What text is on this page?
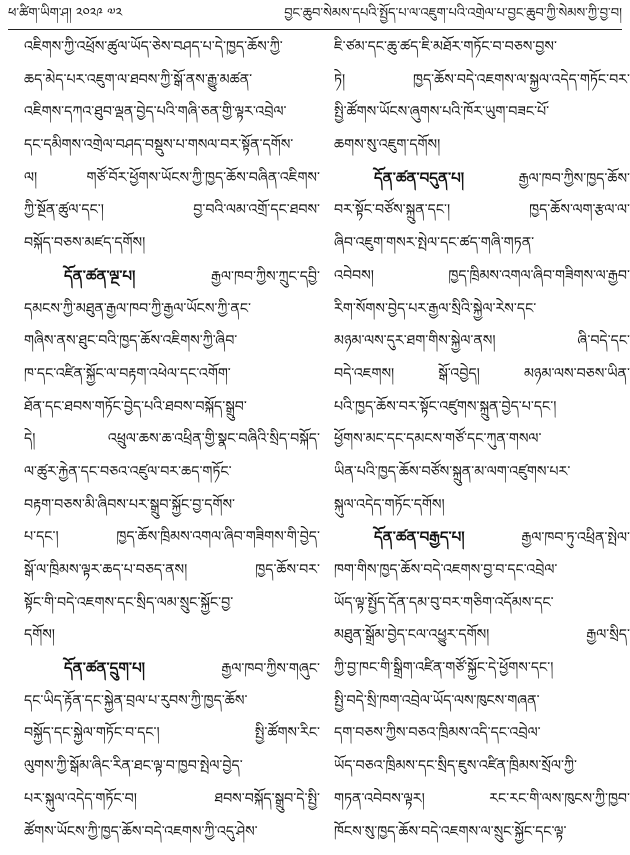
ཕ་ཚིག་ཡིག་ཤ། ༢༠༢༩ ༧༢	བྱང་ཆུབ་སེམས་དཔའི་སྤྱོད་པ་ལ་འཇུག་པའི་འགྲེལ་པ་བྱང་ཆུབ་ཀྱི་སེམས་ཀྱི་བྱ་བ།
འཇིགས་ཀྱི་འཕྲོས་ཚུལ་ཡོད་ཅེས་བཤད་པ་དེ་ཁྱད་ཆོས་ཀྱི་
ཆད་མེད་པར་འཇུག་ལ་ཐབས་ཀྱི་སྒོ་ནས་རྒྱུ་མཚན་
འཇིགས་དཀའ་ཐུབ་ལྡན་བྱེད་པའི་གཞི་ཅན་གྱི་ལྟར་འབྲེལ་
དང་དམིགས་འགྲེལ་བཤད་བསྡུས་པ་གསལ་བར་སྟོན་དགོས་
ལ། གཙོ་བོར་ཕྱོགས་ཡོངས་ཀྱི་ཁྱད་ཆོས་བཞིན་འཇིགས་
ཀྱི་སྔོན་ཚུལ་དང་། བྱ་བའི་ལམ་འགྲོ་དང་ཐབས་
བསྐོད་བཅས་མཛད་དགོས།
དོན་ཚན་ལྔ་པ། རྒྱལ་ཁབ་ཀྱིས་ཀྲུང་དབྱི་
དམངས་ཀྱི་མཐུན་རྒྱལ་ཁབ་ཀྱི་རྒྱལ་ཡོངས་ཀྱི་ནང་
གཞིས་ནས་ཐུང་བའི་ཁྱད་ཆོས་འཇིགས་ཀྱི་ཞིབ་
ཁ་དང་འཛིན་སྐྱོང་ལ་བརྟག་འཕེལ་དང་འགོག་
ཐོན་དང་ཐབས་གཏོང་བྱེད་པའི་ཐབས་བསྐོད་སྒྲུབ་
དེ། འཕྲུལ་ཆས་ཆ་འཕྲིན་གྱི་སྣང་བཞིའི་སྲིད་བསྐོད་
ལ་ཚུར་རྐྱེན་དང་བཅའ་འཛུལ་བར་ཆད་གཏོང་
བརྟག་བཅས་མི་ཞིབས་པར་སྒྲུབ་སྐྱོང་བྱ་དགོས་
པ་དང་། ཁྱད་ཆོས་ཁྲིམས་འགལ་ཞིབ་གཟིགས་གི་བྱེད་
སྒོ་ལ་ཁྲིམས་ལྟར་ཆད་པ་བཅད་ནས། ཁྱད་ཆོས་བར་
སྟོང་གི་བདེ་འཇགས་དང་སྲིད་ལམ་སྲུང་སྐྱོང་བྱ་
དགོས།
དོན་ཚན་དྲུག་པ། རྒྱལ་ཁབ་ཀྱིས་གཞུང་
དང་ཡིད་རྟོན་དང་སྐྱེན་བྲལ་པ་རུབས་ཀྱི་ཁྱད་ཆོས་
བསྐྱོད་དང་སྐྱེལ་གཏོང་བ་དང་། སྤྱི་ཚོགས་རིང་
ལུགས་ཀྱི་སྒོམ་ཞིང་རིན་ཐང་ལྟ་བ་ཁྱབ་སྤེལ་བྱེད་
པར་སྐུལ་འདེད་གཏོང་བ། ཐབས་བསྐོད་སྒྲུབ་དེ་སྤྱི་
ཚོགས་ཡོངས་ཀྱི་ཁྱད་ཆོས་བདེ་འཇགས་ཀྱི་འདུ་ཤེས་
ཇི་ཙམ་དང་ཆུ་ཚད་ཇི་མཐོར་གཏོང་བ་བཅས་བྱས་
ཏེ། ཁྱད་ཆོས་བདེ་འཇགས་ལ་སྐྱལ་འདེད་གཏོང་བར་
སྤྱི་ཚོགས་ཡོངས་ཞུགས་པའི་ཁོར་ཡུག་བཟང་པོ་
ཆགས་སུ་འཇུག་དགོས།
དོན་ཚན་བདུན་པ། རྒྱལ་ཁབ་ཀྱིས་ཁྱད་ཆོས་
བར་སྟོང་བཙོས་སྐྲུན་དང་། ཁྱད་ཆོས་ལག་རྩལ་ལ་
ཞིབ་འཇུག་གསར་སྤེལ་དང་ཚད་གཞི་གཏན་
འབེབས། ཁྱད་ཁྲིམས་འགལ་ཞིབ་གཟིགས་ལ་རྒྱབ་
རིག་སོགས་བྱེད་པར་རྒྱལ་སྲིའི་སྐྱེལ་རེས་དང་
མཉམ་ལས་དུར་ཐག་གིས་སྐྱེལ་ནས། ཞི་བདེ་དང་
བདེ་འཇགས། སྒོ་འབྱེད། མཉམ་ལས་བཅས་ཡིན་
པའི་ཁྱད་ཆོས་བར་སྟོང་འཛུགས་སྐྲུན་བྱེད་པ་དང་།
ཕྱོགས་མང་དང་དམངས་གཙོ་དང་ཀུན་གསལ་
ཡིན་པའི་ཁྱད་ཆོས་བཙོས་སྐྲུན་མ་ལག་འཛུགས་པར་
སྐུལ་འདེད་གཏོང་དགོས།
དོན་ཚན་བརྒྱད་པ། རྒྱལ་ཁབ་ཏུ་འཕྲིན་སྤེལ་
ཁག་གིས་ཁྱད་ཆོས་བདེ་འཇགས་བྱ་བ་དང་འབྲེལ་
ཡོད་ལྟ་སྤྱོད་དོན་དམ་བུ་བར་གཅིག་འདོམས་དང་
མཐུན་སྒྲོམ་བྱེད་ངལ་འཕྱུར་དགོས། རྒྱལ་སྲིད་
ཀྱི་བྱ་ཁང་གི་སྒྲིག་འཛིན་གཙོ་སྐྱོང་དེ་ཕྱོགས་དང་།
སྤྱི་བདེ་སྲི་ཁག་འབྲེལ་ཡོད་ལས་ཁུངས་གཞན་
དག་བཅས་ཀྱིས་བཅའ་ཁྲིམས་འདི་དང་འབྲེལ་
ཡོད་བཅའ་ཁྲིམས་དང་སྲིད་ཇུས་འཛིན་ཁྲིམས་སྲོལ་ཀྱི་
གཏན་འབེབས་ལྟར། རང་རང་གི་ལས་ཁུངས་ཀྱི་ཁྱབ་
ཁོངས་སུ་ཁྱད་ཆོས་བདེ་འཇགས་ལ་སྲུང་སྐྱོང་དང་ལྟ་
